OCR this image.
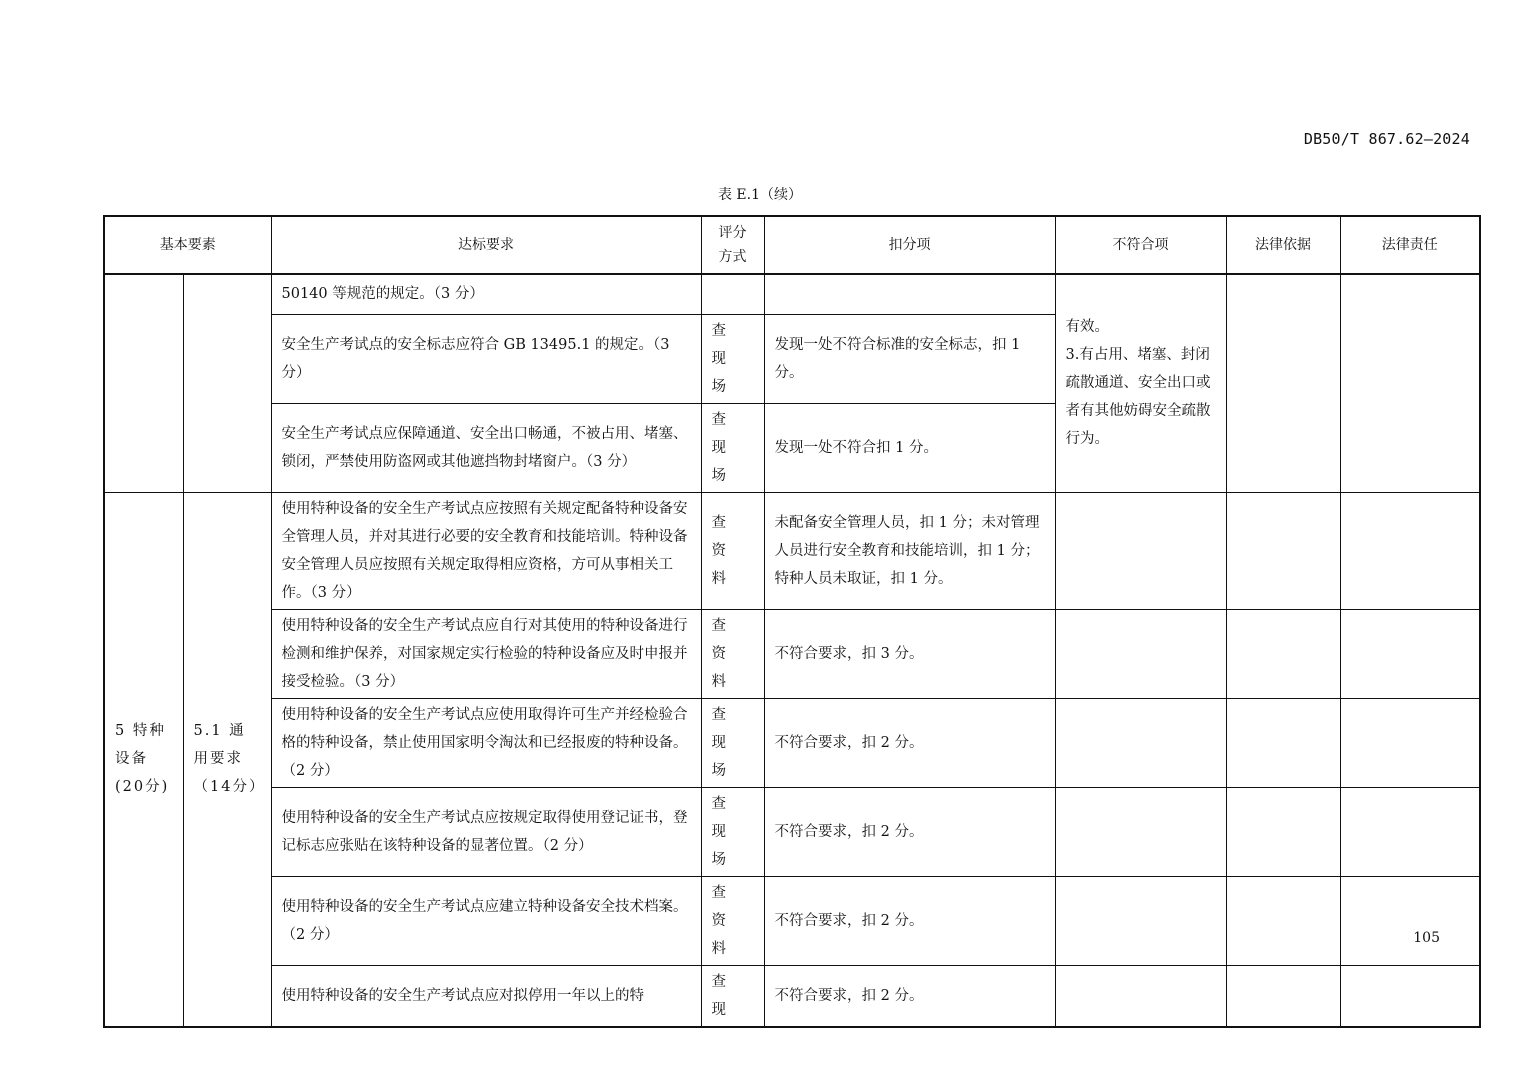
DB50/T 867.62—2024
表 E.1（续）
基本要素		达标要求	评分
方式	扣分项	不符合项	法律依据	法律责任
		50140 等规范的规定。（3 分）			有效。
3.有占用、堵塞、封闭疏散通道、安全出口或者有其他妨碍安全疏散行为。		
		安全生产考试点的安全标志应符合 GB 13495.1 的规定。（3 分）	查现场	发现一处不符合标准的安全标志，扣 1 分。			
		安全生产考试点应保障通道、安全出口畅通，不被占用、堵塞、锁闭，严禁使用防盗网或其他遮挡物封堵窗户。（3 分）	查现场	发现一处不符合扣 1 分。			
5 特种设备(20分)	5.1 通用要求（14分）	使用特种设备的安全生产考试点应按照有关规定配备特种设备安全管理人员，并对其进行必要的安全教育和技能培训。特种设备安全管理人员应按照有关规定取得相应资格，方可从事相关工作。（3 分）	查资料	未配备安全管理人员，扣 1 分；未对管理人员进行安全教育和技能培训，扣 1 分；特种人员未取证，扣 1 分。			
		使用特种设备的安全生产考试点应自行对其使用的特种设备进行检测和维护保养，对国家规定实行检验的特种设备应及时申报并接受检验。（3 分）	查资料	不符合要求，扣 3 分。			
		使用特种设备的安全生产考试点应使用取得许可生产并经检验合格的特种设备，禁止使用国家明令淘汰和已经报废的特种设备。（2 分）	查现场	不符合要求，扣 2 分。			
		使用特种设备的安全生产考试点应按规定取得使用登记证书，登记标志应张贴在该特种设备的显著位置。（2 分）	查现场	不符合要求，扣 2 分。			
		使用特种设备的安全生产考试点应建立特种设备安全技术档案。（2 分）	查资料	不符合要求，扣 2 分。			
		使用特种设备的安全生产考试点应对拟停用一年以上的特	查现	不符合要求，扣 2 分。			
105
